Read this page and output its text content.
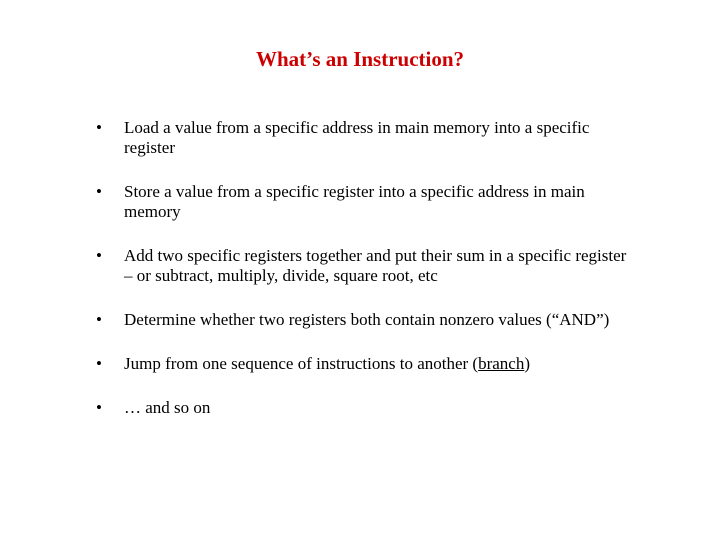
What’s an Instruction?
•	Load a value from a specific address in main memory into a specific register
•	Store a value from a specific register into a specific address in main memory
•	Add two specific registers together and put their sum in a specific register – or subtract, multiply, divide, square root, etc
•	Determine whether two registers both contain nonzero values (“AND”)
•	Jump from one sequence of instructions to another (branch)
•	… and so on
